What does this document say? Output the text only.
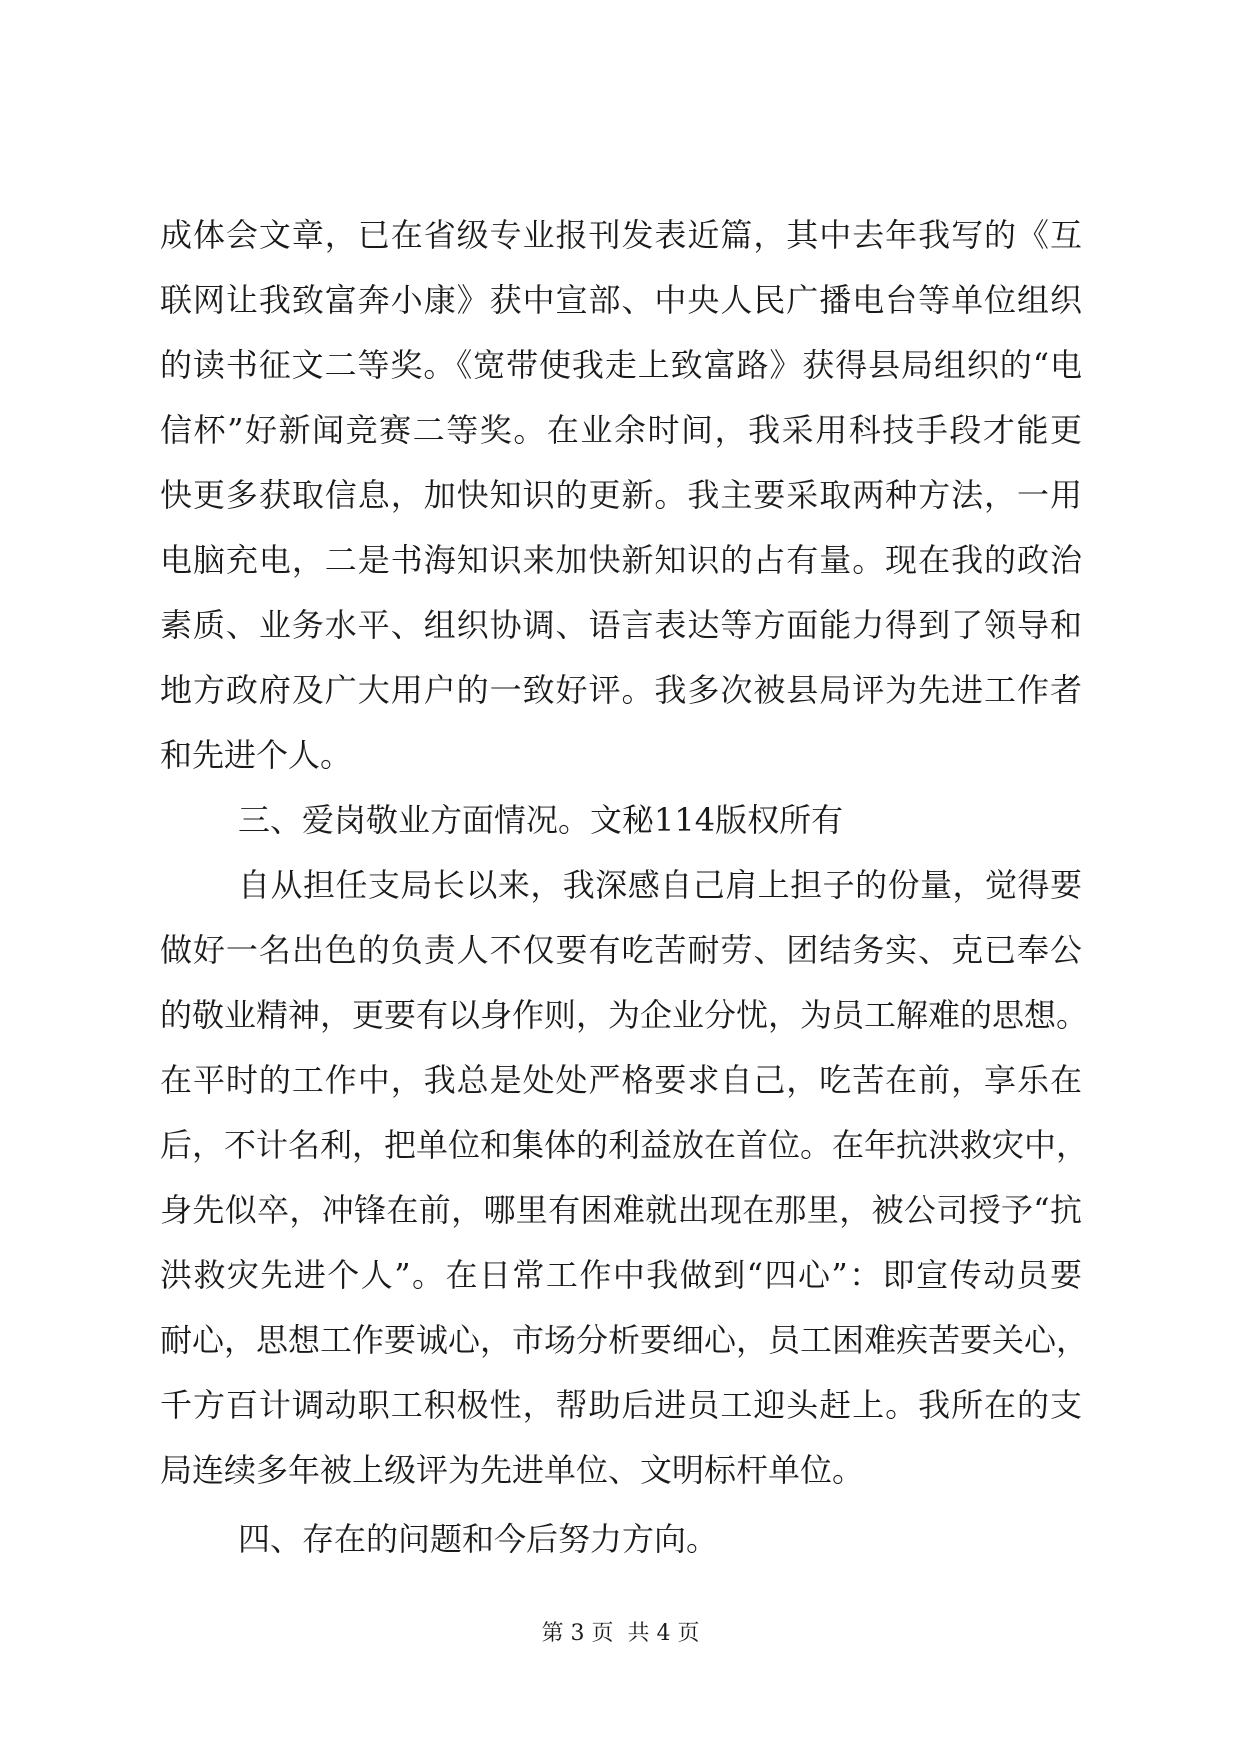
成体会文章，已在省级专业报刊发表近篇，其中去年我写的《互
联网让我致富奔小康》获中宣部、中央人民广播电台等单位组织
的读书征文二等奖。《宽带使我走上致富路》获得县局组织的“电
信杯”好新闻竞赛二等奖。在业余时间，我采用科技手段才能更
快更多获取信息，加快知识的更新。我主要采取两种方法，一用
电脑充电，二是书海知识来加快新知识的占有量。现在我的政治
素质、业务水平、组织协调、语言表达等方面能力得到了领导和
地方政府及广大用户的一致好评。我多次被县局评为先进工作者
和先进个人。
三、爱岗敬业方面情况。文秘114版权所有
自从担任支局长以来，我深感自己肩上担子的份量，觉得要
做好一名出色的负责人不仅要有吃苦耐劳、团结务实、克已奉公
的敬业精神，更要有以身作则，为企业分忧，为员工解难的思想。
在平时的工作中，我总是处处严格要求自己，吃苦在前，享乐在
后，不计名利，把单位和集体的利益放在首位。在年抗洪救灾中，
身先似卒，冲锋在前，哪里有困难就出现在那里，被公司授予“抗
洪救灾先进个人”。在日常工作中我做到“四心”：即宣传动员要
耐心，思想工作要诚心，市场分析要细心，员工困难疾苦要关心，
千方百计调动职工积极性，帮助后进员工迎头赶上。我所在的支
局连续多年被上级评为先进单位、文明标杆单位。
四、存在的问题和今后努力方向。
第 3 页  共 4 页
